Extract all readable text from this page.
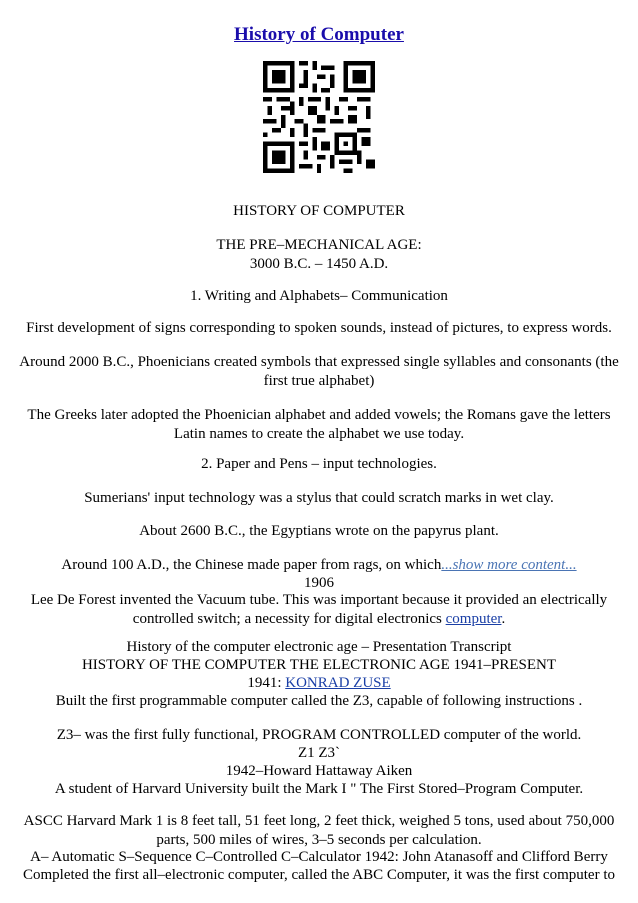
History of Computer
HISTORY OF COMPUTER
THE PRE–MECHANICAL AGE:
3000 B.C. – 1450 A.D.
1. Writing and Alphabets– Communication
First development of signs corresponding to spoken sounds, instead of pictures, to express words.
Around 2000 B.C., Phoenicians created symbols that expressed single syllables and consonants (the first true alphabet)
The Greeks later adopted the Phoenician alphabet and added vowels; the Romans gave the letters Latin names to create the alphabet we use today.
2. Paper and Pens – input technologies.
Sumerians' input technology was a stylus that could scratch marks in wet clay.
About 2600 B.C., the Egyptians wrote on the papyrus plant.
Around 100 A.D., the Chinese made paper from rags, on which...show more content...
1906
Lee De Forest invented the Vacuum tube. This was important because it provided an electrically controlled switch; a necessity for digital electronics computer.
History of the computer electronic age – Presentation Transcript
HISTORY OF THE COMPUTER THE ELECTRONIC AGE 1941–PRESENT
1941: KONRAD ZUSE
Built the first programmable computer called the Z3, capable of following instructions .
Z3– was the first fully functional, PROGRAM CONTROLLED computer of the world.
Z1 Z3`
1942–Howard Hattaway Aiken
A student of Harvard University built the Mark I " The First Stored–Program Computer.
ASCC Harvard Mark 1 is 8 feet tall, 51 feet long, 2 feet thick, weighed 5 tons, used about 750,000 parts, 500 miles of wires, 3–5 seconds per calculation.
A– Automatic S–Sequence C–Controlled C–Calculator 1942: John Atanasoff and Clifford Berry
Completed the first all–electronic computer, called the ABC Computer, it was the first computer to
